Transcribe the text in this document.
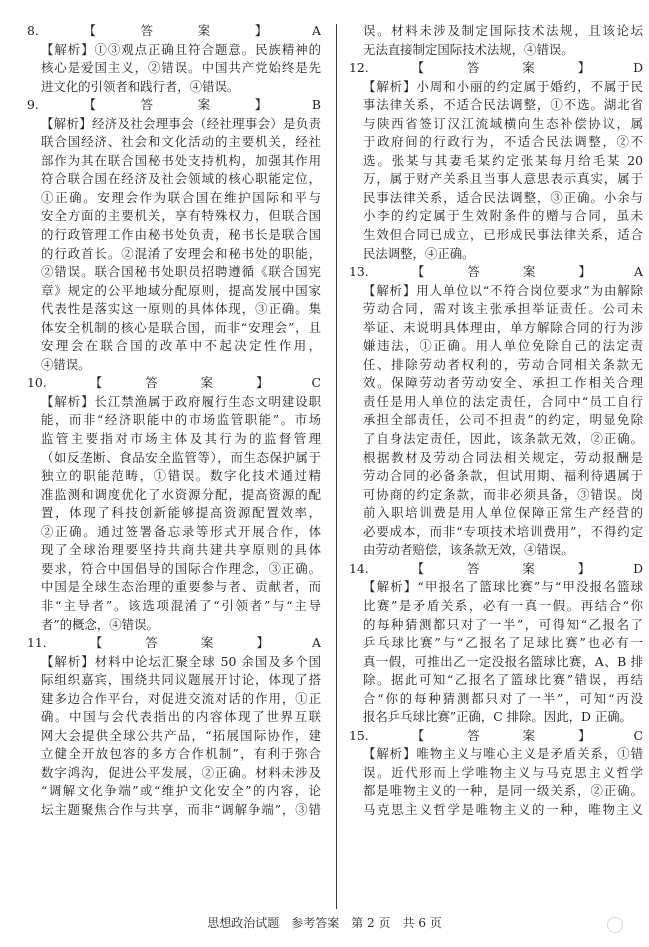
8.【答案】A
【解析】①③观点正确且符合题意。民族精神的
核心是爱国主义，②错误。中国共产党始终是先
进文化的引领者和践行者，④错误。
9.【答案】B
【解析】经济及社会理事会（经社理事会）是负责
联合国经济、社会和文化活动的主要机关，经社
部作为其在联合国秘书处支持机构，加强其作用
符合联合国在经济及社会领域的核心职能定位，
①正确。安理会作为联合国在维护国际和平与
安全方面的主要机关，享有特殊权力，但联合国
的行政管理工作由秘书处负责，秘书长是联合国
的行政首长。②混淆了安理会和秘书处的职能，
②错误。联合国秘书处职员招聘遵循《联合国宪
章》规定的公平地域分配原则，提高发展中国家
代表性是落实这一原则的具体体现，③正确。集
体安全机制的核心是联合国，而非“安理会”，且
安理会在联合国的改革中不起决定性作用，
④错误。
10.【答案】C
【解析】长江禁渔属于政府履行生态文明建设职
能，而非“经济职能中的市场监管职能”。市场
监管主要指对市场主体及其行为的监督管理
（如反垄断、食品安全监管等），而生态保护属于
独立的职能范畴，①错误。数字化技术通过精
准监测和调度优化了水资源分配，提高资源的配
置，体现了科技创新能够提高资源配置效率，
②正确。通过签署备忘录等形式开展合作，体
现了全球治理要坚持共商共建共享原则的具体
要求，符合中国倡导的国际合作理念，③正确。
中国是全球生态治理的重要参与者、贡献者，而
非“主导者”。该选项混淆了“引领者”与“主导
者”的概念，④错误。
11.【答案】A
【解析】材料中论坛汇聚全球 50 余国及多个国
际组织嘉宾，围绕共同议题展开讨论，体现了搭
建多边合作平台，对促进交流对话的作用，①正
确。中国与会代表指出的内容体现了世界互联
网大会提供全球公共产品，“拓展国际协作，建
立健全开放包容的多方合作机制”，有利于弥合
数字鸿沟，促进公平发展，②正确。材料未涉及
“调解文化争端”或“维护文化安全”的内容，论
坛主题聚焦合作与共享，而非“调解争端”，③错
误。材料未涉及制定国际技术法规，且该论坛
无法直接制定国际技术法规，④错误。
12.【答案】D
【解析】小周和小丽的约定属于婚约，不属于民
事法律关系，不适合民法调整，①不选。湖北省
与陕西省签订汉江流域横向生态补偿协议，属
于政府间的行政行为，不适合民法调整，②不
选。张某与其妻毛某约定张某每月给毛某 20
万，属于财产关系且当事人意思表示真实，属于
民事法律关系，适合民法调整，③正确。小余与
小李的约定属于生效附条件的赠与合同，虽未
生效但合同已成立，已形成民事法律关系，适合
民法调整，④正确。
13.【答案】A
【解析】用人单位以“不符合岗位要求”为由解除
劳动合同，需对该主张承担举证责任。公司未
举证、未说明具体理由，单方解除合同的行为涉
嫌违法，①正确。用人单位免除自己的法定责
任、排除劳动者权利的，劳动合同相关条款无
效。保障劳动者劳动安全、承担工作相关合理
责任是用人单位的法定责任，合同中“员工自行
承担全部责任，公司不担责”的约定，明显免除
了自身法定责任，因此，该条款无效，②正确。
根据教材及劳动合同法相关规定，劳动报酬是
劳动合同的必备条款，但试用期、福利待遇属于
可协商的约定条款，而非必须具备，③错误。岗
前入职培训费是用人单位保障正常生产经营的
必要成本，而非“专项技术培训费用”，不得约定
由劳动者赔偿，该条款无效，④错误。
14.【答案】D
【解析】“甲报名了篮球比赛”与“甲没报名篮球
比赛”是矛盾关系，必有一真一假。再结合“你
的每种猜测都只对了一半”，可得知“乙报名了
乒乓球比赛”与“乙报名了足球比赛”也必有一
真一假，可推出乙一定没报名篮球比赛，A、B 排
除。据此可知“乙报名了篮球比赛”错误，再结
合“你的每种猜测都只对了一半”，可知“丙没
报名乒乓球比赛”正确，C 排除。因此，D 正确。
15.【答案】C
【解析】唯物主义与唯心主义是矛盾关系，①错
误。近代形而上学唯物主义与马克思主义哲学
都是唯物主义的一种，是同一级关系，②正确。
马克思主义哲学是唯物主义的一种，唯物主义
思想政治试题　参考答案　第 2 页　共 6 页
